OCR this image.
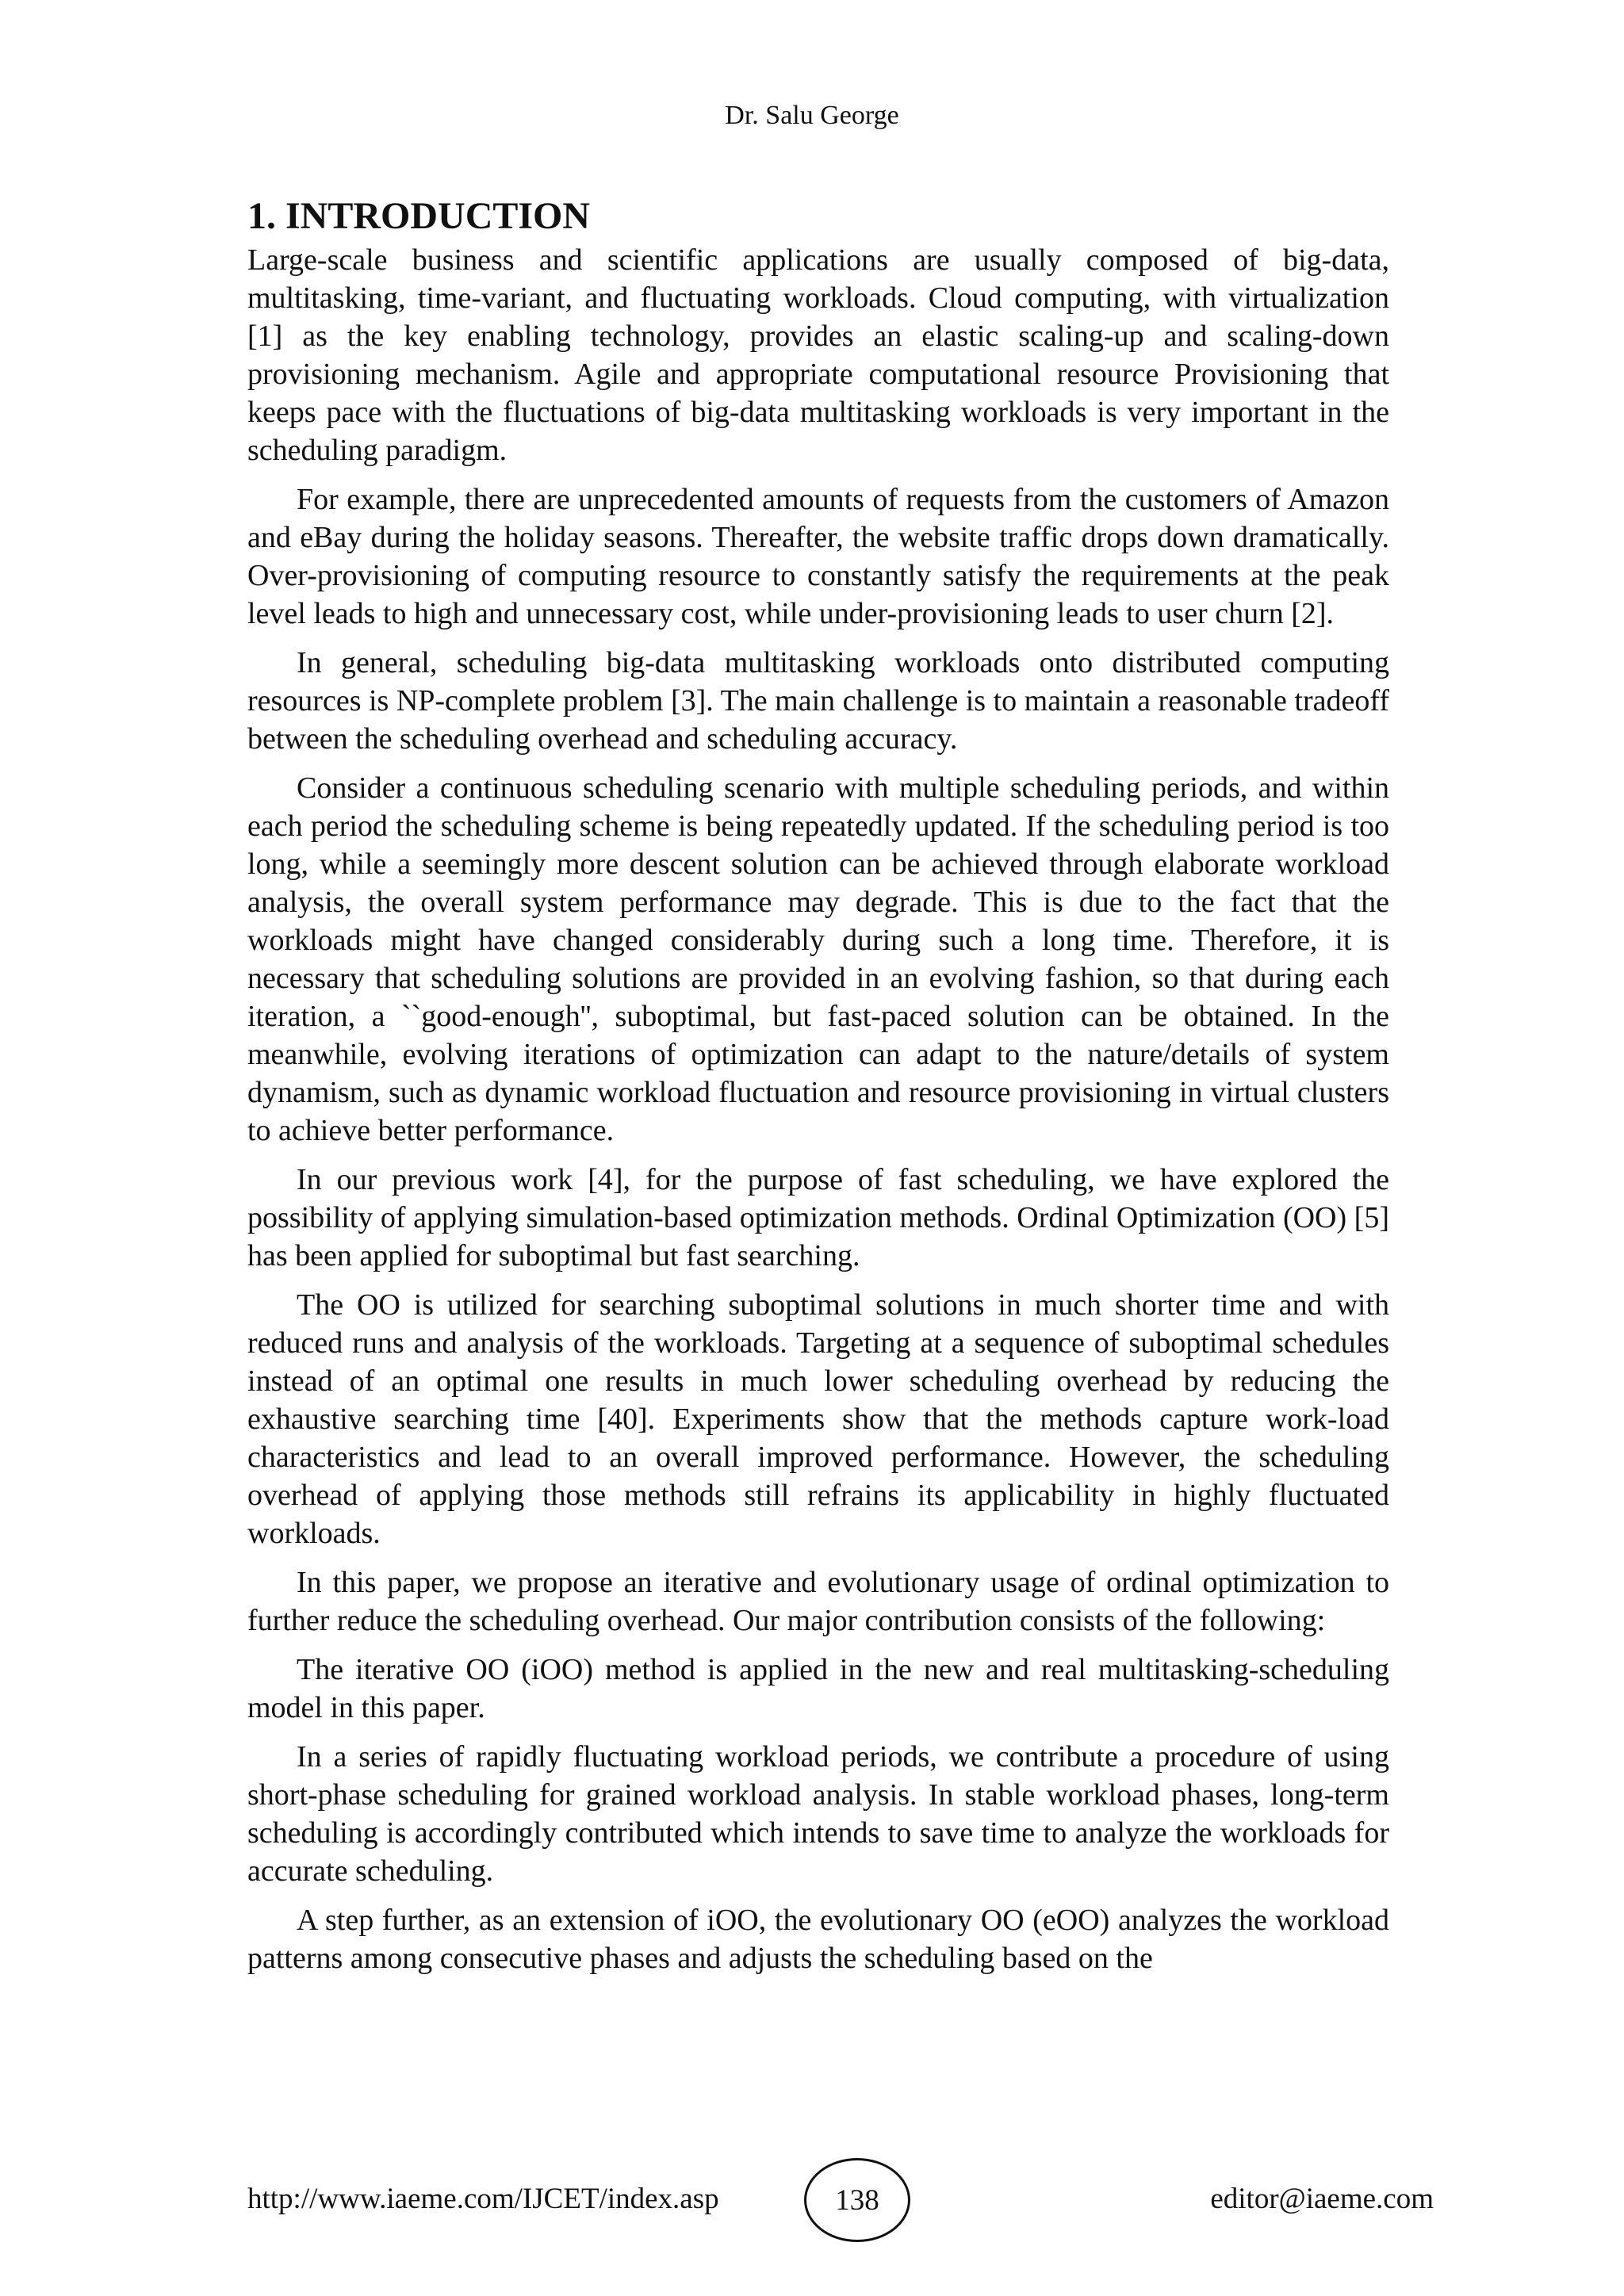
Dr. Salu George
1. INTRODUCTION

Large-scale business and scientific applications are usually composed of big-data, multitasking, time-variant, and fluctuating workloads. Cloud computing, with virtualization [1] as the key enabling technology, provides an elastic scaling-up and scaling-down provisioning mechanism. Agile and appropriate computational resource Provisioning that keeps pace with the fluctuations of big-data multitasking workloads is very important in the scheduling paradigm.

For example, there are unprecedented amounts of requests from the customers of Amazon and eBay during the holiday seasons. Thereafter, the website traffic drops down dramatically. Over-provisioning of computing resource to constantly satisfy the requirements at the peak level leads to high and unnecessary cost, while under-provisioning leads to user churn [2].

In general, scheduling big-data multitasking workloads onto distributed computing resources is NP-complete problem [3]. The main challenge is to maintain a reasonable tradeoff between the scheduling overhead and scheduling accuracy.

Consider a continuous scheduling scenario with multiple scheduling periods, and within each period the scheduling scheme is being repeatedly updated. If the scheduling period is too long, while a seemingly more descent solution can be achieved through elaborate workload analysis, the overall system performance may degrade. This is due to the fact that the workloads might have changed considerably during such a long time. Therefore, it is necessary that scheduling solutions are provided in an evolving fashion, so that during each iteration, a ``good-enough'', suboptimal, but fast-paced solution can be obtained. In the meanwhile, evolving iterations of optimization can adapt to the nature/details of system dynamism, such as dynamic workload fluctuation and resource provisioning in virtual clusters to achieve better performance.

In our previous work [4], for the purpose of fast scheduling, we have explored the possibility of applying simulation-based optimization methods. Ordinal Optimization (OO) [5] has been applied for suboptimal but fast searching.

The OO is utilized for searching suboptimal solutions in much shorter time and with reduced runs and analysis of the workloads. Targeting at a sequence of suboptimal schedules instead of an optimal one results in much lower scheduling overhead by reducing the exhaustive searching time [40]. Experiments show that the methods capture work-load characteristics and lead to an overall improved performance. However, the scheduling overhead of applying those methods still refrains its applicability in highly fluctuated workloads.

In this paper, we propose an iterative and evolutionary usage of ordinal optimization to further reduce the scheduling overhead. Our major contribution consists of the following:

The iterative OO (iOO) method is applied in the new and real multitasking-scheduling model in this paper.

In a series of rapidly fluctuating workload periods, we contribute a procedure of using short-phase scheduling for grained workload analysis. In stable workload phases, long-term scheduling is accordingly contributed which intends to save time to analyze the workloads for accurate scheduling.

A step further, as an extension of iOO, the evolutionary OO (eOO) analyzes the workload patterns among consecutive phases and adjusts the scheduling based on the

http://www.iaeme.com/IJCET/index.asp	138	editor@iaeme.com
